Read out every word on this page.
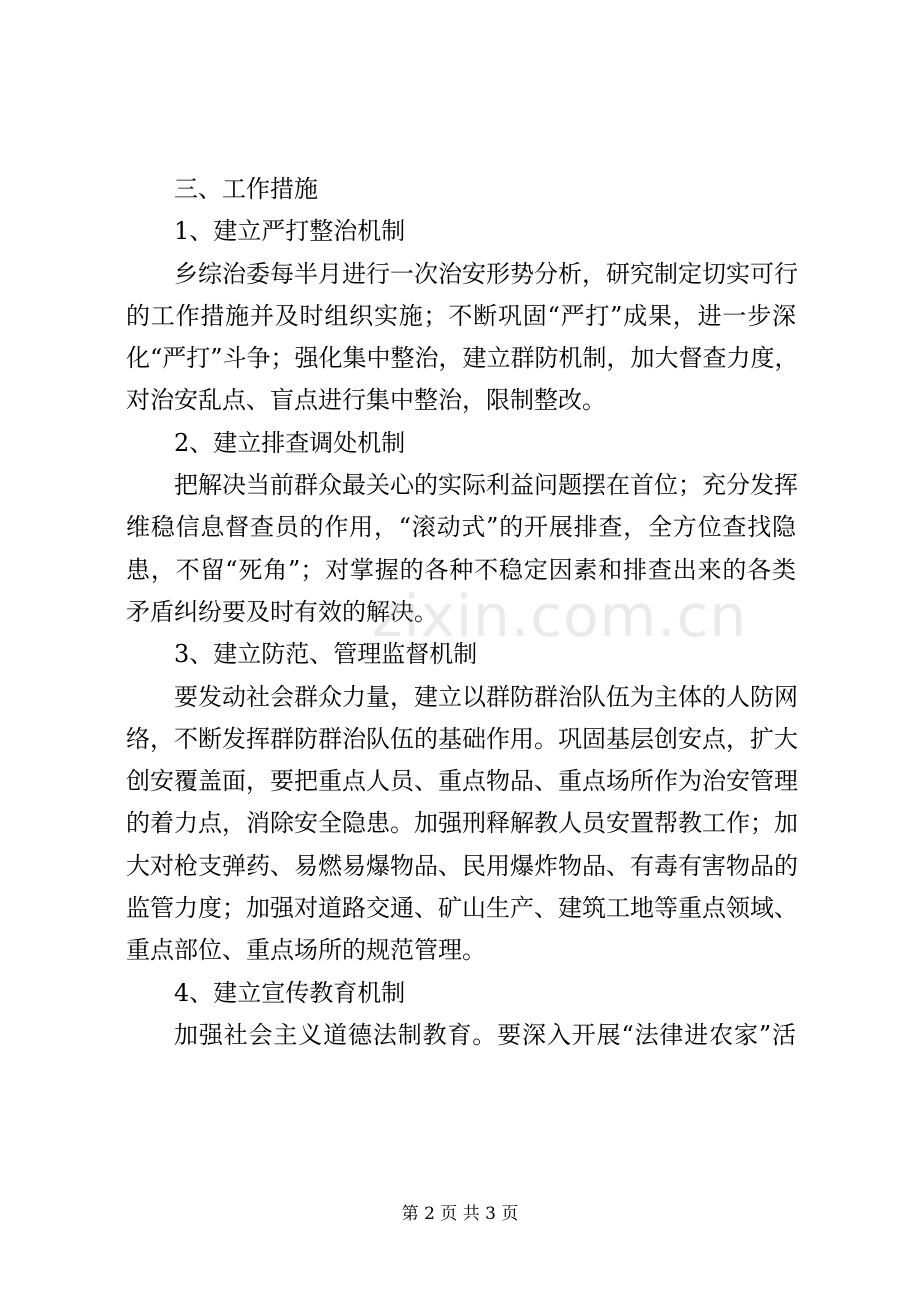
三、工作措施
1、建立严打整治机制
乡综治委每半月进行一次治安形势分析，研究制定切实可行
的工作措施并及时组织实施；不断巩固“严打”成果，进一步深
化“严打”斗争；强化集中整治，建立群防机制，加大督查力度，
对治安乱点、盲点进行集中整治，限制整改。
2、建立排查调处机制
把解决当前群众最关心的实际利益问题摆在首位；充分发挥
维稳信息督查员的作用，“滚动式”的开展排查，全方位查找隐
患，不留“死角”；对掌握的各种不稳定因素和排查出来的各类
矛盾纠纷要及时有效的解决。
3、建立防范、管理监督机制
要发动社会群众力量，建立以群防群治队伍为主体的人防网
络，不断发挥群防群治队伍的基础作用。巩固基层创安点，扩大
创安覆盖面，要把重点人员、重点物品、重点场所作为治安管理
的着力点，消除安全隐患。加强刑释解教人员安置帮教工作；加
大对枪支弹药、易燃易爆物品、民用爆炸物品、有毒有害物品的
监管力度；加强对道路交通、矿山生产、建筑工地等重点领域、
重点部位、重点场所的规范管理。
4、建立宣传教育机制
加强社会主义道德法制教育。要深入开展“法律进农家”活
zixin.com.cn
第 2 页 共 3 页
